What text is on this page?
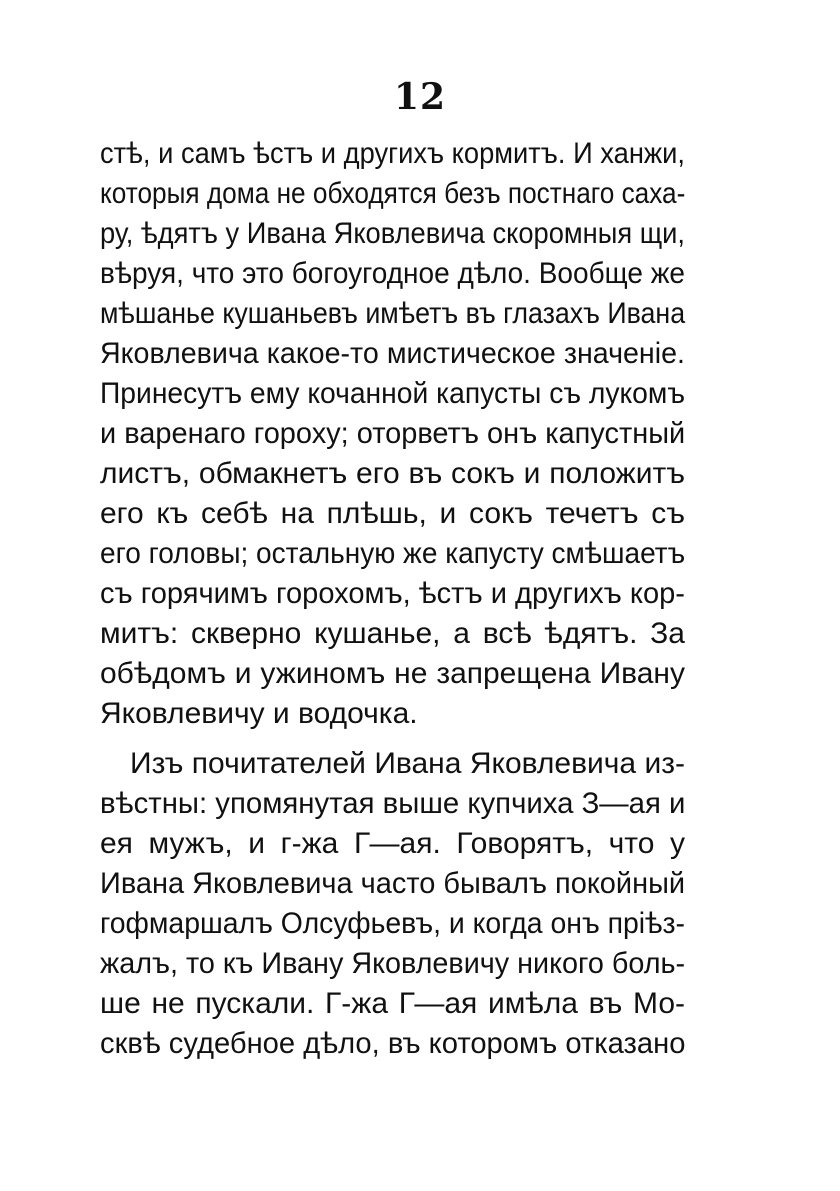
12
стѣ, и самъ ѣстъ и другихъ кормитъ. И ханжи,
которыя дома не обходятся безъ постнаго саха-
ру, ѣдятъ у Ивана Яковлевича скоромныя щи,
вѣруя, что это богоугодное дѣло. Вообще же
мѣшанье кушаньевъ имѣетъ въ глазахъ Ивана
Яковлевича какое-то мистическое значенiе.
Принесутъ ему кочанной капусты съ лукомъ
и варенаго гороху; оторветъ онъ капустный
листъ, обмакнетъ его въ сокъ и положитъ
его къ себѣ на плѣшь, и сокъ течетъ съ
его головы; остальную же капусту смѣшаетъ
съ горячимъ горохомъ, ѣстъ и другихъ кор-
митъ: скверно кушанье, а всѣ ѣдятъ. За
обѣдомъ и ужиномъ не запрещена Ивану
Яковлевичу и водочка.
Изъ почитателей Ивана Яковлевича из-
вѣстны: упомянутая выше купчиха З—ая и
ея мужъ, и г-жа Г—ая. Говорятъ, что у
Ивана Яковлевича часто бывалъ покойный
гофмаршалъ Олсуфьевъ, и когда онъ прiѣз-
жалъ, то къ Ивану Яковлевичу никого боль-
ше не пускали. Г-жа Г—ая имѣла въ Мо-
сквѣ судебное дѣло, въ которомъ отказано
